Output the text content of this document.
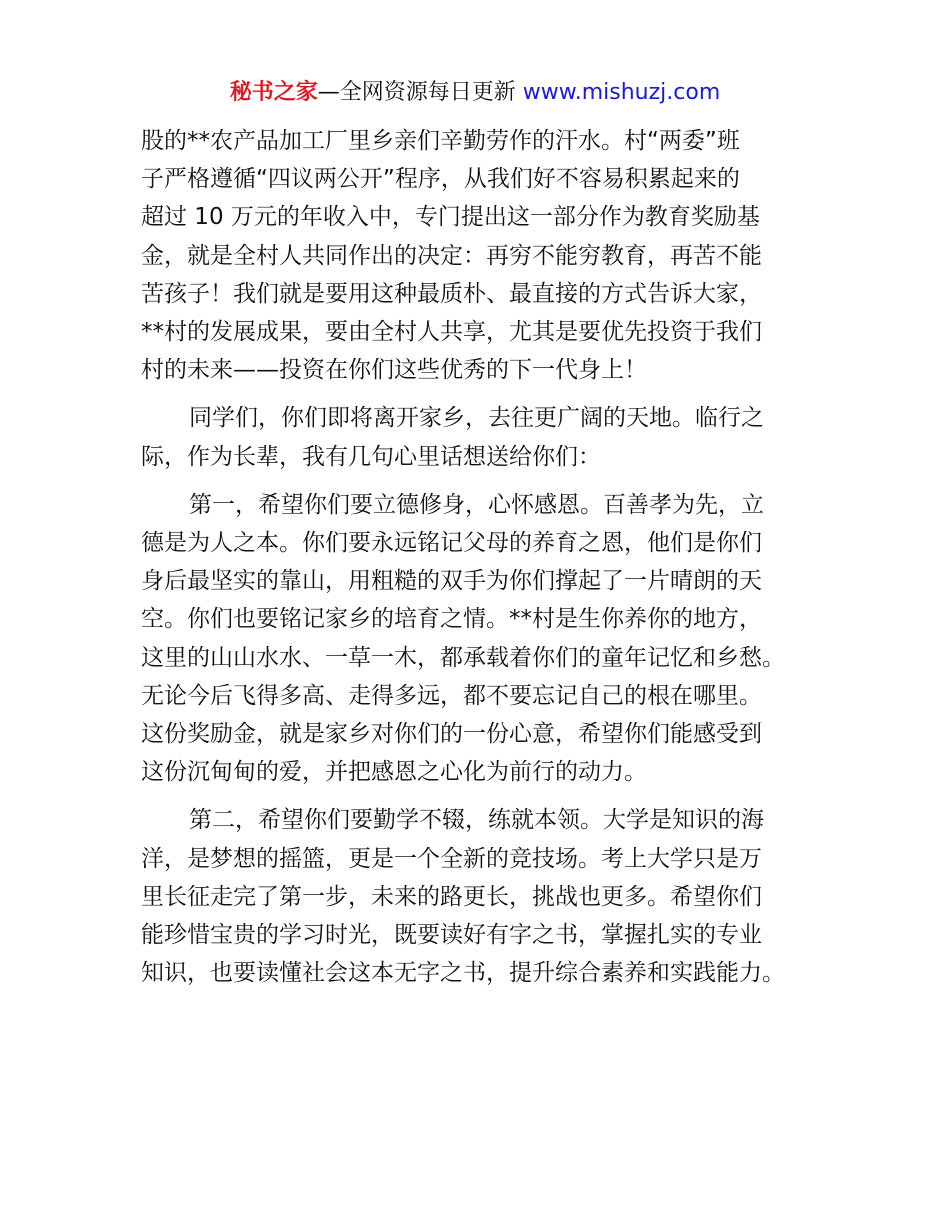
秘书之家—全网资源每日更新 www.mishuzj.com

股的**农产品加工厂里乡亲们辛勤劳作的汗水。村“两委”班
子严格遵循“四议两公开”程序，从我们好不容易积累起来的
超过 10 万元的年收入中，专门提出这一部分作为教育奖励基
金，就是全村人共同作出的决定：再穷不能穷教育，再苦不能
苦孩子！我们就是要用这种最质朴、最直接的方式告诉大家，
**村的发展成果，要由全村人共享，尤其是要优先投资于我们
村的未来——投资在你们这些优秀的下一代身上！

同学们，你们即将离开家乡，去往更广阔的天地。临行之
际，作为长辈，我有几句心里话想送给你们：

第一，希望你们要立德修身，心怀感恩。百善孝为先，立
德是为人之本。你们要永远铭记父母的养育之恩，他们是你们
身后最坚实的靠山，用粗糙的双手为你们撑起了一片晴朗的天
空。你们也要铭记家乡的培育之情。**村是生你养你的地方，
这里的山山水水、一草一木，都承载着你们的童年记忆和乡愁。
无论今后飞得多高、走得多远，都不要忘记自己的根在哪里。
这份奖励金，就是家乡对你们的一份心意，希望你们能感受到
这份沉甸甸的爱，并把感恩之心化为前行的动力。

第二，希望你们要勤学不辍，练就本领。大学是知识的海
洋，是梦想的摇篮，更是一个全新的竞技场。考上大学只是万
里长征走完了第一步，未来的路更长，挑战也更多。希望你们
能珍惜宝贵的学习时光，既要读好有字之书，掌握扎实的专业
知识，也要读懂社会这本无字之书，提升综合素养和实践能力。
